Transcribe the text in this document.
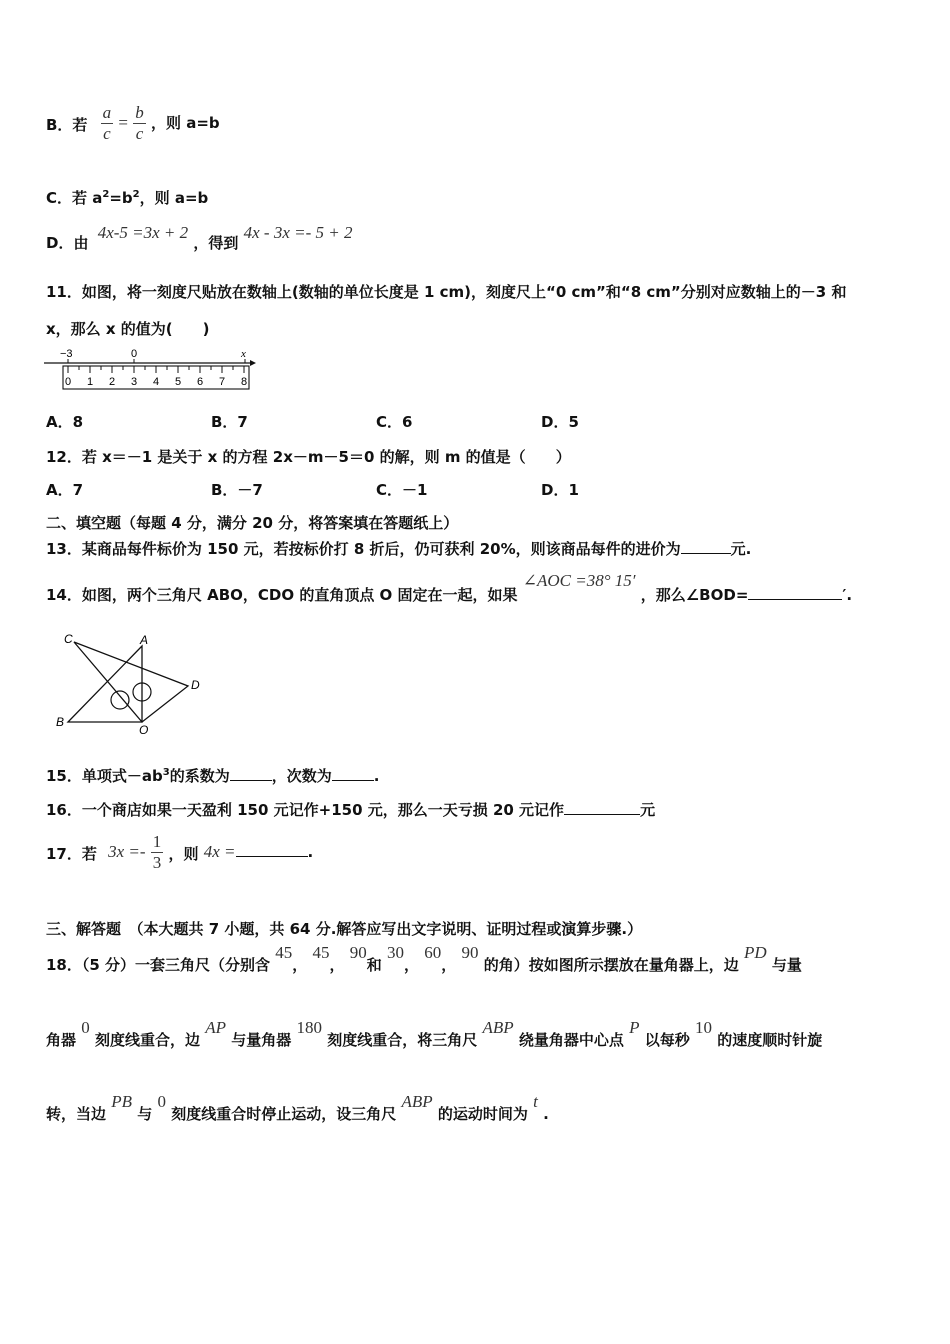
B．若 $\frac{a}{c} = \frac{b}{c}$ ，则 a=b
C．若 $a^2=b^2$，则 a=b
D．由 4x-5 =3x + 2 ，得到 4x - 3x =- 5 + 2
11．如图，将一刻度尺贴放在数轴上(数轴的单位长度是 1 cm)，刻度尺上“0 cm”和“8 cm”分别对应数轴上的－3 和
x，那么 x 的值为(　　)
−3	0	x
0 1 2 3 4 5 6 7 8
A．8	B．7	C．6	D．5
12．若 x＝－1 是关于 x 的方程 2x－m－5＝0 的解，则 m 的值是（　　）
A．7	B．－7	C．－1	D．1
二、填空题（每题 4 分，满分 20 分，将答案填在答题纸上）
13．某商品每件标价为 150 元，若按标价打 8 折后，仍可获利 20%，则该商品每件的进价为	元.
14．如图，两个三角尺 ABO，CDO 的直角顶点 O 固定在一起，如果 ∠AOC =38° 15′ ，那么∠BOD=	′.
C	A
D
B
O
15．单项式$-ab^3$的系数为	，次数为	.
16．一个商店如果一天盈利 150 元记作+150 元，那么一天亏损 20 元记作	元
17．若 $3x =- \frac{1}{3}$ ，则 4x =	.
三、解答题　（本大题共 7 小题，共 64 分.解答应写出文字说明、证明过程或演算步骤.）
18．（5 分）一套三角尺（分别含 45， 45， 90和 30， 60， 90 的角）按如图所示摆放在量角器上，边 PD 与量
角器 0 刻度线重合，边 AP 与量角器 180 刻度线重合，将三角尺 ABP 绕量角器中心点 P 以每秒 10 的速度顺时针旋
转，当边 PB 与 0 刻度线重合时停止运动，设三角尺 ABP 的运动时间为 t .
